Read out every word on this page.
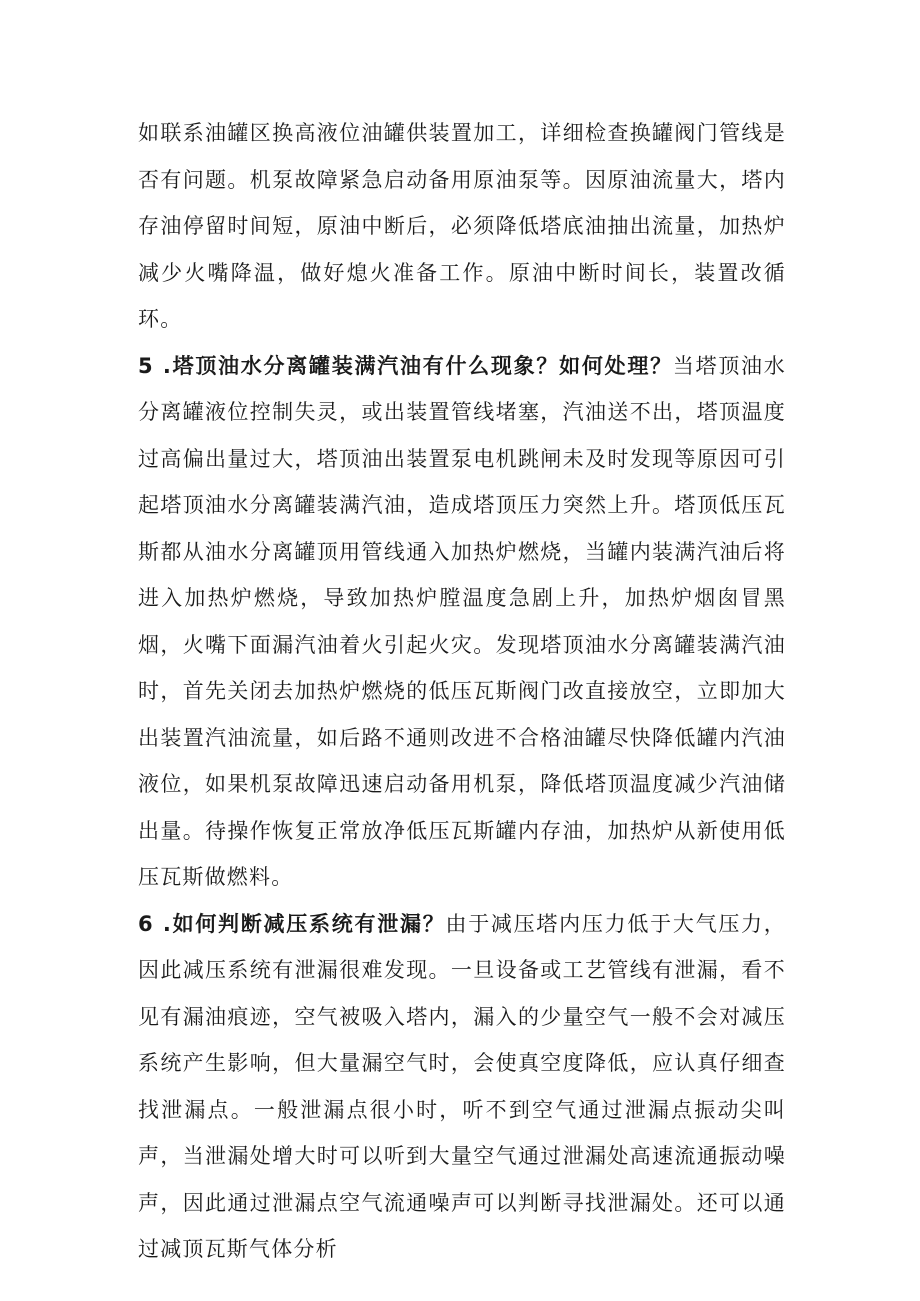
如联系油罐区换高液位油罐供装置加工，详细检查换罐阀门管线是否有问题。机泵故障紧急启动备用原油泵等。因原油流量大，塔内存油停留时间短，原油中断后，必须降低塔底油抽出流量，加热炉减少火嘴降温，做好熄火准备工作。原油中断时间长，装置改循环。

5 .塔顶油水分离罐装满汽油有什么现象？如何处理？当塔顶油水分离罐液位控制失灵，或出装置管线堵塞，汽油送不出，塔顶温度过高偏出量过大，塔顶油出装置泵电机跳闸未及时发现等原因可引起塔顶油水分离罐装满汽油，造成塔顶压力突然上升。塔顶低压瓦斯都从油水分离罐顶用管线通入加热炉燃烧，当罐内装满汽油后将进入加热炉燃烧，导致加热炉膛温度急剧上升，加热炉烟囱冒黑烟，火嘴下面漏汽油着火引起火灾。发现塔顶油水分离罐装满汽油时，首先关闭去加热炉燃烧的低压瓦斯阀门改直接放空，立即加大出装置汽油流量，如后路不通则改进不合格油罐尽快降低罐内汽油液位，如果机泵故障迅速启动备用机泵，降低塔顶温度减少汽油储出量。待操作恢复正常放净低压瓦斯罐内存油，加热炉从新使用低压瓦斯做燃料。

6 .如何判断减压系统有泄漏？由于减压塔内压力低于大气压力，因此减压系统有泄漏很难发现。一旦设备或工艺管线有泄漏，看不见有漏油痕迹，空气被吸入塔内，漏入的少量空气一般不会对减压系统产生影响，但大量漏空气时，会使真空度降低，应认真仔细查找泄漏点。一般泄漏点很小时，听不到空气通过泄漏点振动尖叫声，当泄漏处增大时可以听到大量空气通过泄漏处高速流通振动噪声，因此通过泄漏点空气流通噪声可以判断寻找泄漏处。还可以通过减顶瓦斯气体分析
